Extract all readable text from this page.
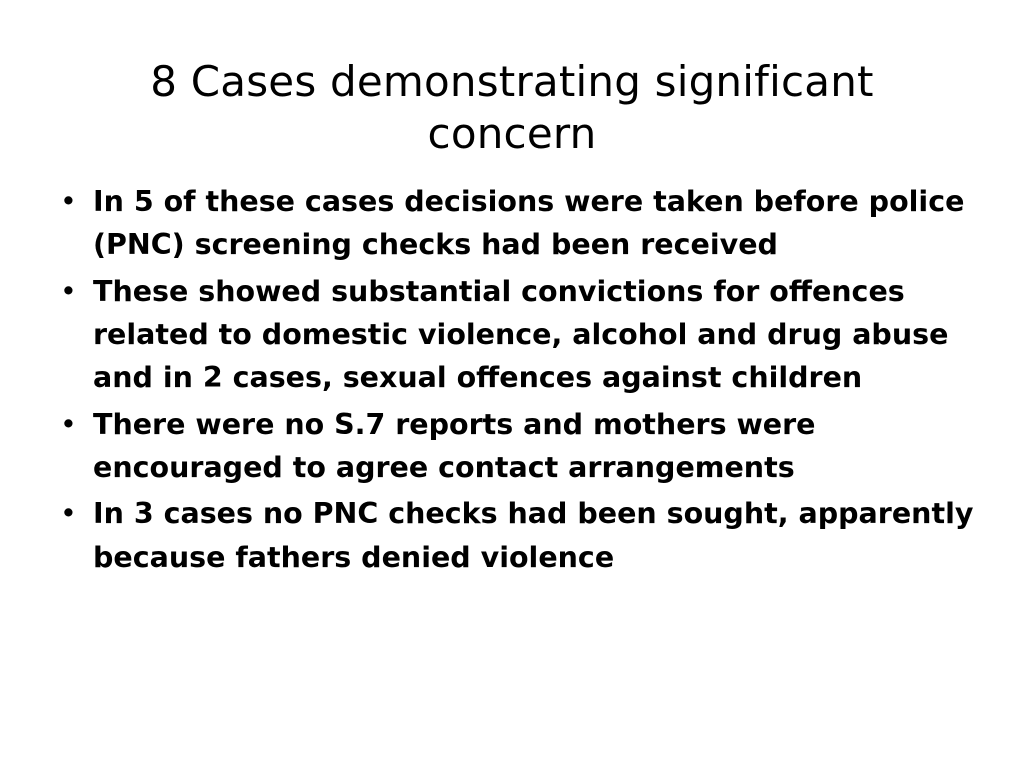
8 Cases demonstrating significant concern
• In 5 of these cases decisions were taken before police (PNC) screening checks had been received
• These showed substantial convictions for offences related to domestic violence, alcohol and drug abuse and in 2 cases, sexual offences against children
• There were no S.7 reports and mothers were encouraged to agree contact arrangements
• In 3 cases no PNC checks had been sought, apparently because fathers denied violence
